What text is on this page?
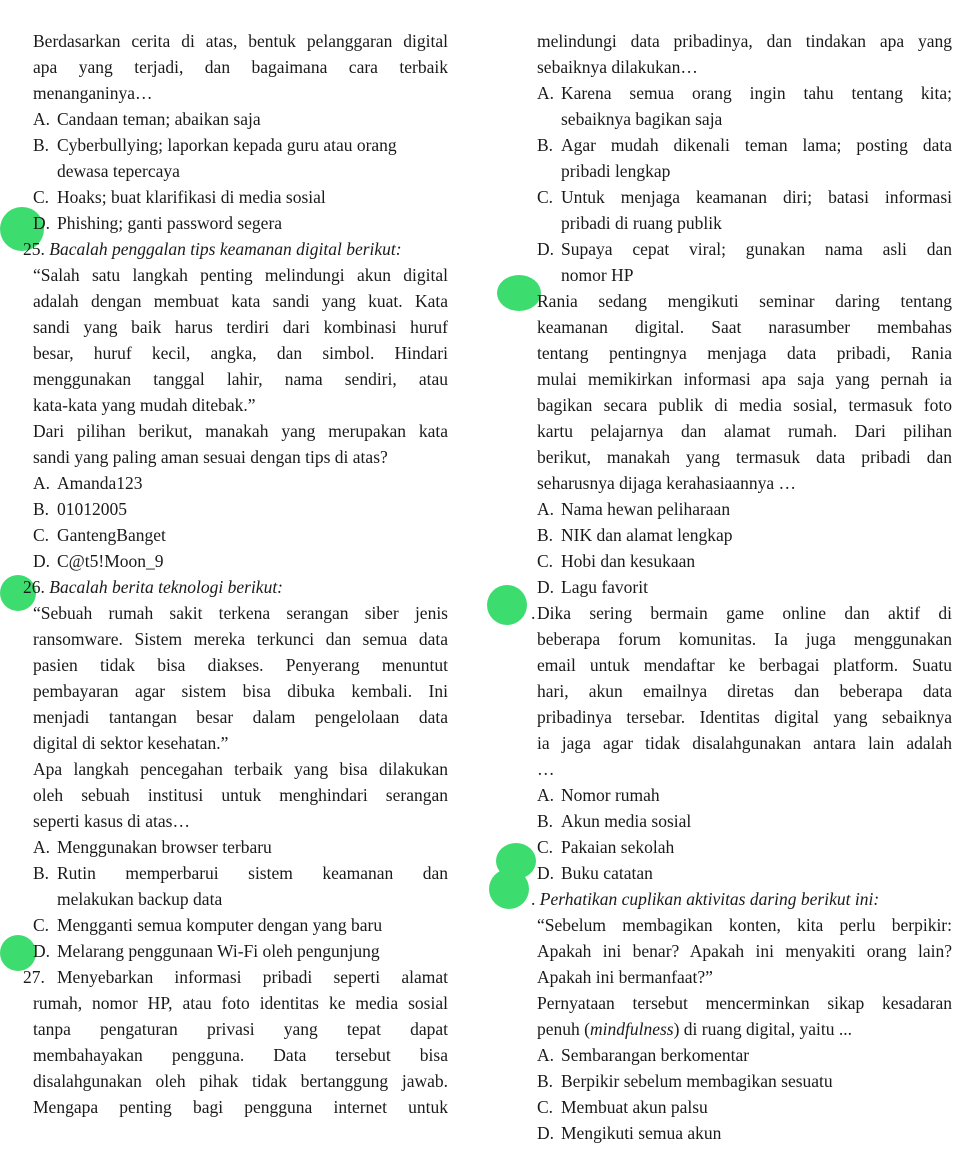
Berdasarkan cerita di atas, bentuk pelanggaran digital
apa yang terjadi, dan bagaimana cara terbaik
menanganinya…
A. Candaan teman; abaikan saja
B. Cyberbullying; laporkan kepada guru atau orang
dewasa tepercaya
C. Hoaks; buat klarifikasi di media sosial
D. Phishing; ganti password segera
25. Bacalah penggalan tips keamanan digital berikut:
“Salah satu langkah penting melindungi akun digital
adalah dengan membuat kata sandi yang kuat. Kata
sandi yang baik harus terdiri dari kombinasi huruf
besar, huruf kecil, angka, dan simbol. Hindari
menggunakan tanggal lahir, nama sendiri, atau
kata-kata yang mudah ditebak.”
Dari pilihan berikut, manakah yang merupakan kata
sandi yang paling aman sesuai dengan tips di atas?
A. Amanda123
B. 01012005
C. GantengBanget
D. C@t5!Moon_9
26. Bacalah berita teknologi berikut:
“Sebuah rumah sakit terkena serangan siber jenis
ransomware. Sistem mereka terkunci dan semua data
pasien tidak bisa diakses. Penyerang menuntut
pembayaran agar sistem bisa dibuka kembali. Ini
menjadi tantangan besar dalam pengelolaan data
digital di sektor kesehatan.”
Apa langkah pencegahan terbaik yang bisa dilakukan
oleh sebuah institusi untuk menghindari serangan
seperti kasus di atas…
A. Menggunakan browser terbaru
B. Rutin memperbarui sistem keamanan dan
melakukan backup data
C. Mengganti semua komputer dengan yang baru
D. Melarang penggunaan Wi-Fi oleh pengunjung
27. Menyebarkan informasi pribadi seperti alamat
rumah, nomor HP, atau foto identitas ke media sosial
tanpa pengaturan privasi yang tepat dapat
membahayakan pengguna. Data tersebut bisa
disalahgunakan oleh pihak tidak bertanggung jawab.
Mengapa penting bagi pengguna internet untuk
melindungi data pribadinya, dan tindakan apa yang
sebaiknya dilakukan…
A. Karena semua orang ingin tahu tentang kita;
sebaiknya bagikan saja
B. Agar mudah dikenali teman lama; posting data
pribadi lengkap
C. Untuk menjaga keamanan diri; batasi informasi
pribadi di ruang publik
D. Supaya cepat viral; gunakan nama asli dan
nomor HP
Rania sedang mengikuti seminar daring tentang
keamanan digital. Saat narasumber membahas
tentang pentingnya menjaga data pribadi, Rania
mulai memikirkan informasi apa saja yang pernah ia
bagikan secara publik di media sosial, termasuk foto
kartu pelajarnya dan alamat rumah. Dari pilihan
berikut, manakah yang termasuk data pribadi dan
seharusnya dijaga kerahasiaannya …
A. Nama hewan peliharaan
B. NIK dan alamat lengkap
C. Hobi dan kesukaan
D. Lagu favorit
. Dika sering bermain game online dan aktif di
beberapa forum komunitas. Ia juga menggunakan
email untuk mendaftar ke berbagai platform. Suatu
hari, akun emailnya diretas dan beberapa data
pribadinya tersebar. Identitas digital yang sebaiknya
ia jaga agar tidak disalahgunakan antara lain adalah
…
A. Nomor rumah
B. Akun media sosial
C. Pakaian sekolah
D. Buku catatan
. Perhatikan cuplikan aktivitas daring berikut ini:
“Sebelum membagikan konten, kita perlu berpikir:
Apakah ini benar? Apakah ini menyakiti orang lain?
Apakah ini bermanfaat?”
Pernyataan tersebut mencerminkan sikap kesadaran
penuh (mindfulness) di ruang digital, yaitu ...
A. Sembarangan berkomentar
B. Berpikir sebelum membagikan sesuatu
C. Membuat akun palsu
D. Mengikuti semua akun
